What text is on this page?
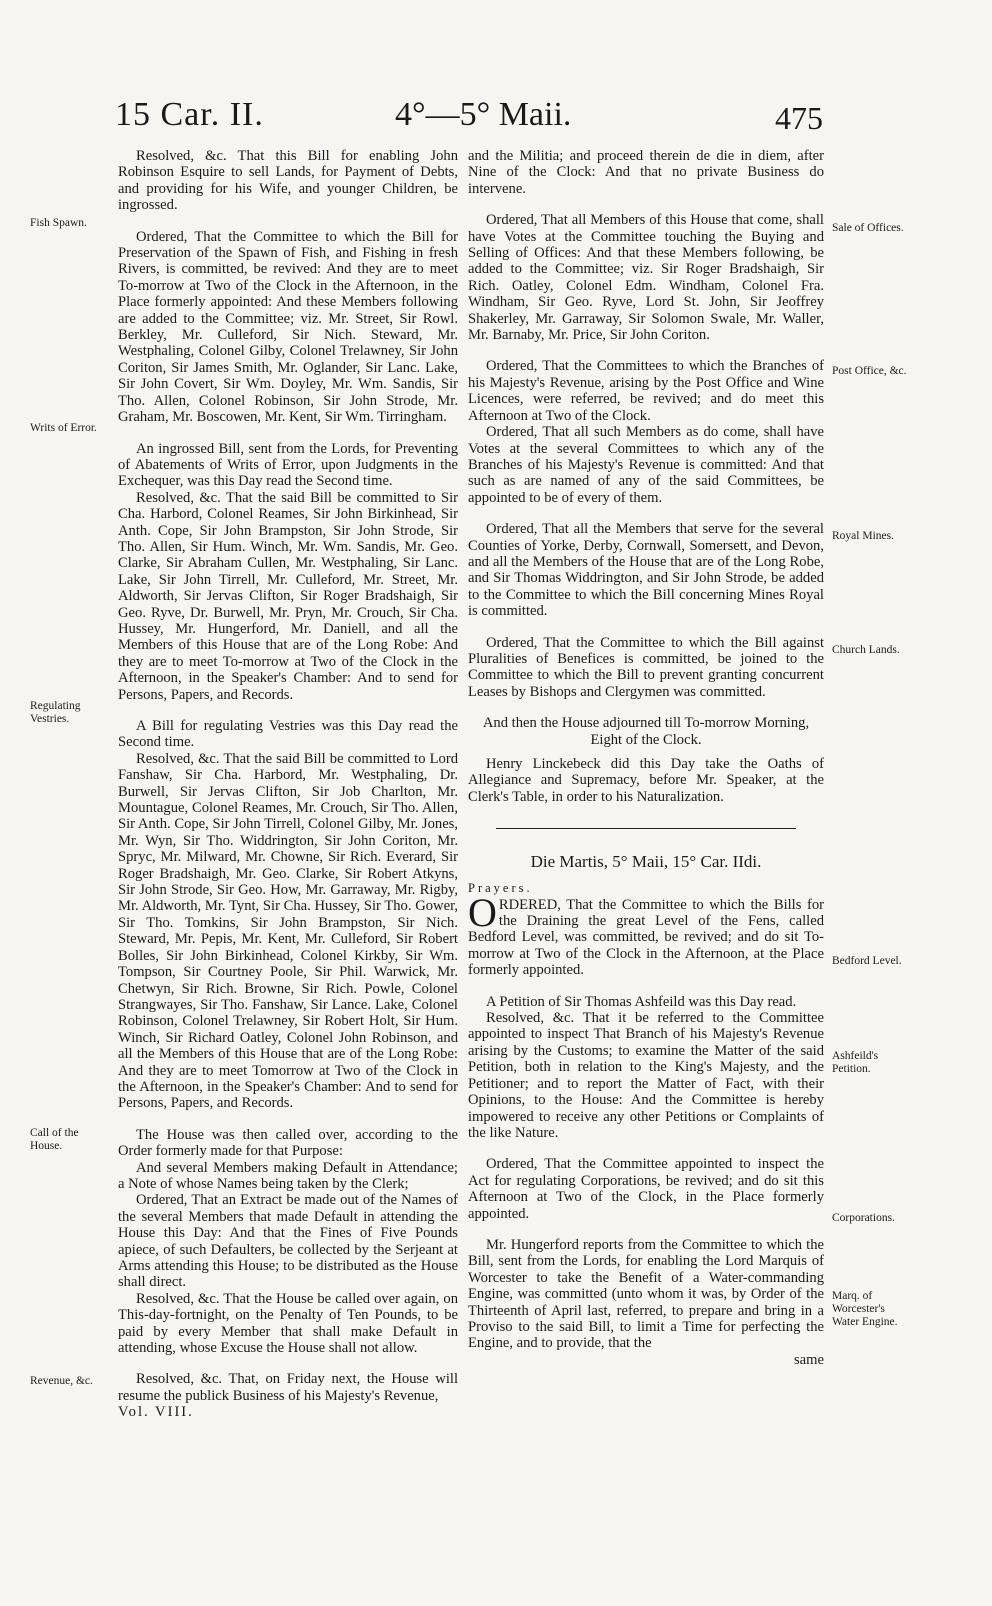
15 Car. II.	4°—5° Maii.	475

Resolved, &c. That this Bill for enabling John Robinson Esquire to sell Lands, for Payment of Debts, and providing for his Wife, and younger Children, be ingrossed.

Ordered, That the Committee to which the Bill for Preservation of the Spawn of Fish, and Fishing in fresh Rivers, is committed, be revived: And they are to meet To-morrow at Two of the Clock in the Afternoon, in the Place formerly appointed: And these Members following are added to the Committee; viz. Mr. Street, Sir Rowl. Berkley, Mr. Culleford, Sir Nich. Steward, Mr. Westphaling, Colonel Gilby, Colonel Trelawney, Sir John Coriton, Sir James Smith, Mr. Oglander, Sir Lanc. Lake, Sir John Covert, Sir Wm. Doyley, Mr. Wm. Sandis, Sir Tho. Allen, Colonel Robinson, Sir John Strode, Mr. Graham, Mr. Boscowen, Mr. Kent, Sir Wm. Tirringham.

An ingrossed Bill, sent from the Lords, for Preventing of Abatements of Writs of Error, upon Judgments in the Exchequer, was this Day read the Second time.

Resolved, &c. That the said Bill be committed to Sir Cha. Harbord, Colonel Reames, Sir John Birkinhead, Sir Anth. Cope, Sir John Brampston, Sir John Strode, Sir Tho. Allen, Sir Hum. Winch, Mr. Wm. Sandis, Mr. Geo. Clarke, Sir Abraham Cullen, Mr. Westphaling, Sir Lanc. Lake, Sir John Tirrell, Mr. Culleford, Mr. Street, Mr. Aldworth, Sir Jervas Clifton, Sir Roger Bradshaigh, Sir Geo. Ryve, Dr. Burwell, Mr. Pryn, Mr. Crouch, Sir Cha. Hussey, Mr. Hungerford, Mr. Daniell, and all the Members of this House that are of the Long Robe: And they are to meet To-morrow at Two of the Clock in the Afternoon, in the Speaker's Chamber: And to send for Persons, Papers, and Records.

A Bill for regulating Vestries was this Day read the Second time.

Resolved, &c. That the said Bill be committed to Lord Fanshaw, Sir Cha. Harbord, Mr. Westphaling, Dr. Burwell, Sir Jervas Clifton, Sir Job Charlton, Mr. Mountague, Colonel Reames, Mr. Crouch, Sir Tho. Allen, Sir Anth. Cope, Sir John Tirrell, Colonel Gilby, Mr. Jones, Mr. Wyn, Sir Tho. Widdrington, Sir John Coriton, Mr. Spryc, Mr. Milward, Mr. Chowne, Sir Rich. Everard, Sir Roger Bradshaigh, Mr. Geo. Clarke, Sir Robert Atkyns, Sir John Strode, Sir Geo. How, Mr. Garraway, Mr. Rigby, Mr. Aldworth, Mr. Tynt, Sir Cha. Hussey, Sir Tho. Gower, Sir Tho. Tomkins, Sir John Brampston, Sir Nich. Steward, Mr. Pepis, Mr. Kent, Mr. Culleford, Sir Robert Bolles, Sir John Birkinhead, Colonel Kirkby, Sir Wm. Tompson, Sir Courtney Poole, Sir Phil. Warwick, Mr. Chetwyn, Sir Rich. Browne, Sir Rich. Powle, Colonel Strangwayes, Sir Tho. Fanshaw, Sir Lance. Lake, Colonel Robinson, Colonel Trelawney, Sir Robert Holt, Sir Hum. Winch, Sir Richard Oatley, Colonel John Robinson, and all the Members of this House that are of the Long Robe: And they are to meet Tomorrow at Two of the Clock in the Afternoon, in the Speaker's Chamber: And to send for Persons, Papers, and Records.

The House was then called over, according to the Order formerly made for that Purpose:

And several Members making Default in Attendance; a Note of whose Names being taken by the Clerk;

Ordered, That an Extract be made out of the Names of the several Members that made Default in attending the House this Day: And that the Fines of Five Pounds apiece, of such Defaulters, be collected by the Serjeant at Arms attending this House; to be distributed as the House shall direct.

Resolved, &c. That the House be called over again, on This-day-fortnight, on the Penalty of Ten Pounds, to be paid by every Member that shall make Default in attending, whose Excuse the House shall not allow.

Resolved, &c. That, on Friday next, the House will resume the publick Business of his Majesty's Revenue,

Vol. VIII.

Fish Spawn.
Writs of Error.
Regulating Vestries.
Call of the House.
Revenue, &c.

and the Militia; and proceed therein de die in diem, after Nine of the Clock: And that no private Business do intervene.

Ordered, That all Members of this House that come, shall have Votes at the Committee touching the Buying and Selling of Offices: And that these Members following, be added to the Committee; viz. Sir Roger Bradshaigh, Sir Rich. Oatley, Colonel Edm. Windham, Colonel Fra. Windham, Sir Geo. Ryve, Lord St. John, Sir Jeoffrey Shakerley, Mr. Garraway, Sir Solomon Swale, Mr. Waller, Mr. Barnaby, Mr. Price, Sir John Coriton.

Ordered, That the Committees to which the Branches of his Majesty's Revenue, arising by the Post Office and Wine Licences, were referred, be revived; and do meet this Afternoon at Two of the Clock.

Ordered, That all such Members as do come, shall have Votes at the several Committees to which any of the Branches of his Majesty's Revenue is committed: And that such as are named of any of the said Committees, be appointed to be of every of them.

Ordered, That all the Members that serve for the several Counties of Yorke, Derby, Cornwall, Somersett, and Devon, and all the Members of the House that are of the Long Robe, and Sir Thomas Widdrington, and Sir John Strode, be added to the Committee to which the Bill concerning Mines Royal is committed.

Ordered, That the Committee to which the Bill against Pluralities of Benefices is committed, be joined to the Committee to which the Bill to prevent granting concurrent Leases by Bishops and Clergymen was committed.

And then the House adjourned till To-morrow Morning, Eight of the Clock.

Henry Linckebeck did this Day take the Oaths of Allegiance and Supremacy, before Mr. Speaker, at the Clerk's Table, in order to his Naturalization.

Die Martis, 5° Maii, 15° Car. IIdi.

Prayers.

ORDERED, That the Committee to which the Bills for the Draining the great Level of the Fens, called Bedford Level, was committed, be revived; and do sit To-morrow at Two of the Clock in the Afternoon, at the Place formerly appointed.

A Petition of Sir Thomas Ashfeild was this Day read.

Resolved, &c. That it be referred to the Committee appointed to inspect That Branch of his Majesty's Revenue arising by the Customs; to examine the Matter of the said Petition, both in relation to the King's Majesty, and the Petitioner; and to report the Matter of Fact, with their Opinions, to the House: And the Committee is hereby impowered to receive any other Petitions or Complaints of the like Nature.

Ordered, That the Committee appointed to inspect the Act for regulating Corporations, be revived; and do sit this Afternoon at Two of the Clock, in the Place formerly appointed.

Mr. Hungerford reports from the Committee to which the Bill, sent from the Lords, for enabling the Lord Marquis of Worcester to take the Benefit of a Water-commanding Engine, was committed (unto whom it was, by Order of the Thirteenth of April last, referred, to prepare and bring in a Proviso to the said Bill, to limit a Time for perfecting the Engine, and to provide, that the

same

Sale of Offices.
Post Office, &c.
Royal Mines.
Church Lands.
Bedford Level.
Ashfeild's Petition.
Corporations.
Marq. of Worcester's Water Engine.
